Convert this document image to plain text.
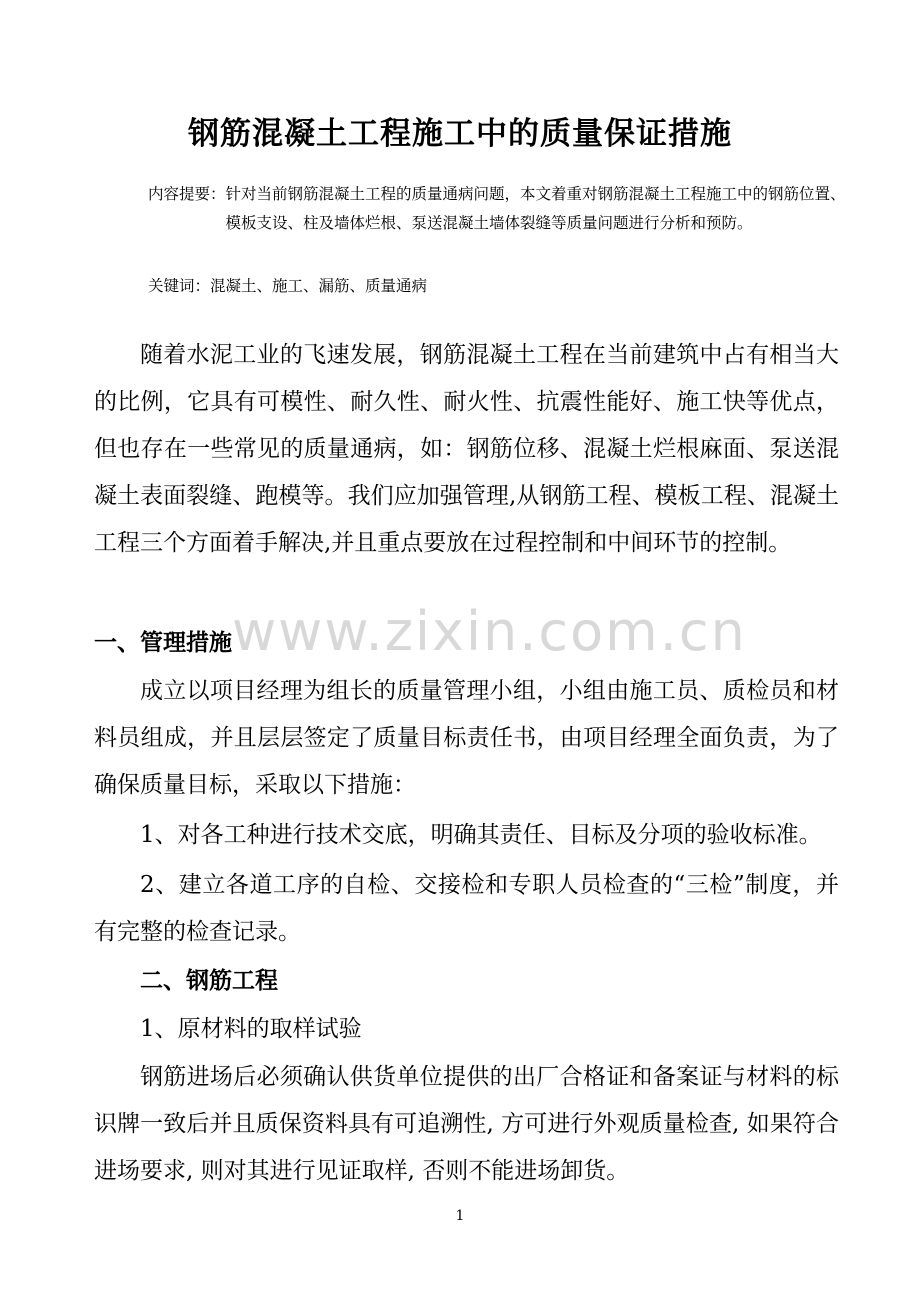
钢筋混凝土工程施工中的质量保证措施
内容提要： 针对当前钢筋混凝土工程的质量通病问题，本文着重对钢筋混凝土工程施工中的钢筋位置、模板支设、柱及墙体烂根、泵送混凝土墙体裂缝等质量问题进行分析和预防。
关键词：混凝土、施工、漏筋、质量通病
随着水泥工业的飞速发展，钢筋混凝土工程在当前建筑中占有相当大的比例，它具有可模性、耐久性、耐火性、抗震性能好、施工快等优点，但也存在一些常见的质量通病，如：钢筋位移、混凝土烂根麻面、泵送混凝土表面裂缝、跑模等。我们应加强管理,从钢筋工程、模板工程、混凝土工程三个方面着手解决,并且重点要放在过程控制和中间环节的控制。
www.zixin.com.cn
一、管理措施
成立以项目经理为组长的质量管理小组，小组由施工员、质检员和材料员组成，并且层层签定了质量目标责任书，由项目经理全面负责，为了确保质量目标，采取以下措施：
1、对各工种进行技术交底，明确其责任、目标及分项的验收标准。
2、建立各道工序的自检、交接检和专职人员检查的“三检”制度，并有完整的检查记录。
二、钢筋工程
1、原材料的取样试验
钢筋进场后必须确认供货单位提供的出厂合格证和备案证与材料的标识牌一致后并且质保资料具有可追溯性, 方可进行外观质量检查, 如果符合进场要求, 则对其进行见证取样, 否则不能进场卸货。
1
